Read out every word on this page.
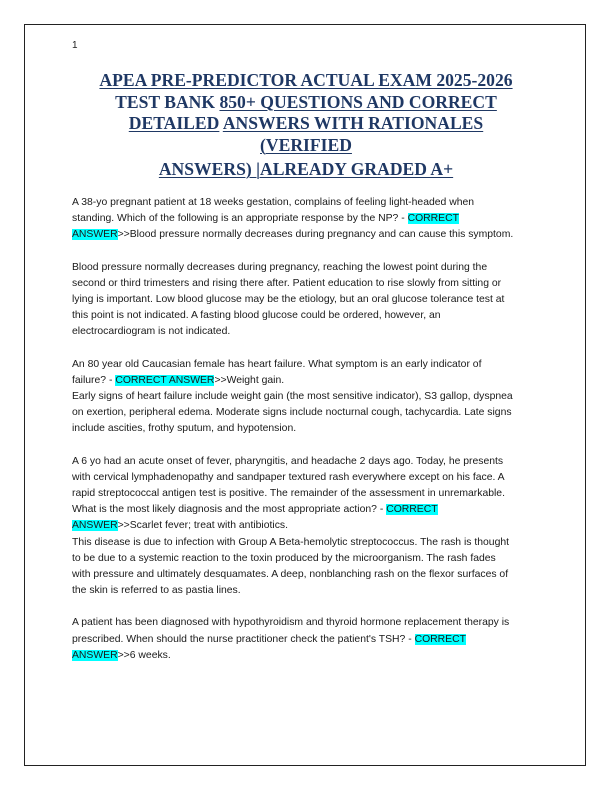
1
APEA PRE-PREDICTOR ACTUAL EXAM 2025-2026
TEST BANK 850+ QUESTIONS AND CORRECT
DETAILED ANSWERS WITH RATIONALES
(VERIFIED
ANSWERS) |ALREADY GRADED A+

A 38-yo pregnant patient at 18 weeks gestation, complains of feeling light-headed when
standing. Which of the following is an appropriate response by the NP? - CORRECT
ANSWER>>Blood pressure normally decreases during pregnancy and can cause this symptom.

Blood pressure normally decreases during pregnancy, reaching the lowest point during the
second or third trimesters and rising there after. Patient education to rise slowly from sitting or
lying is important. Low blood glucose may be the etiology, but an oral glucose tolerance test at
this point is not indicated. A fasting blood glucose could be ordered, however, an
electrocardiogram is not indicated.

An 80 year old Caucasian female has heart failure. What symptom is an early indicator of
failure? - CORRECT ANSWER>>Weight gain.
Early signs of heart failure include weight gain (the most sensitive indicator), S3 gallop, dyspnea
on exertion, peripheral edema. Moderate signs include nocturnal cough, tachycardia. Late signs
include ascities, frothy sputum, and hypotension.

A 6 yo had an acute onset of fever, pharyngitis, and headache 2 days ago. Today, he presents
with cervical lymphadenopathy and sandpaper textured rash everywhere except on his face. A
rapid streptococcal antigen test is positive. The remainder of the assessment in unremarkable.
What is the most likely diagnosis and the most appropriate action? - CORRECT
ANSWER>>Scarlet fever; treat with antibiotics.
This disease is due to infection with Group A Beta-hemolytic streptococcus. The rash is thought
to be due to a systemic reaction to the toxin produced by the microorganism. The rash fades
with pressure and ultimately desquamates. A deep, nonblanching rash on the flexor surfaces of
the skin is referred to as pastia lines.

A patient has been diagnosed with hypothyroidism and thyroid hormone replacement therapy is
prescribed. When should the nurse practitioner check the patient's TSH? - CORRECT
ANSWER>>6 weeks.
